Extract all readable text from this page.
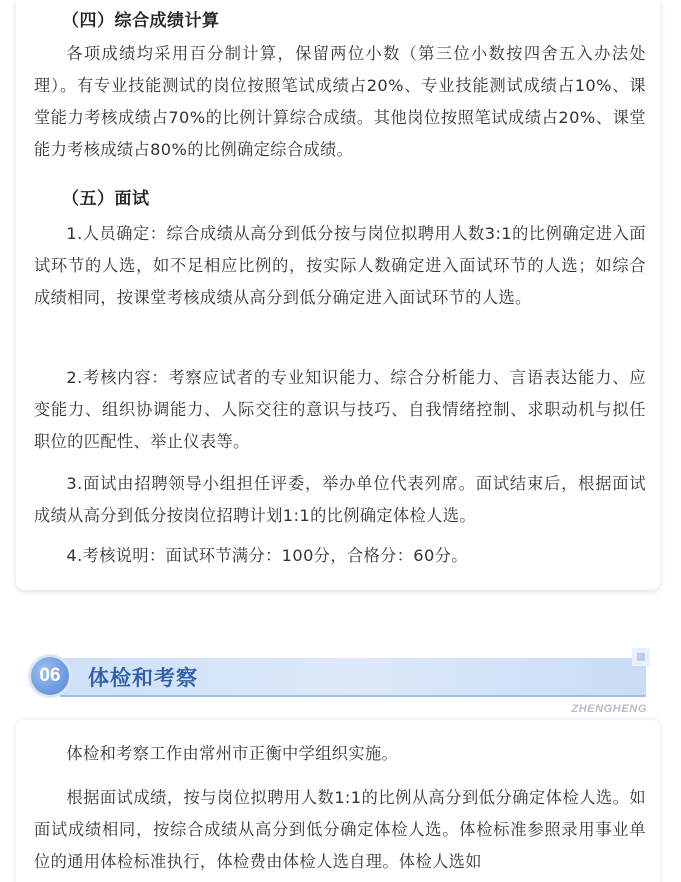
（四）综合成绩计算

各项成绩均采用百分制计算，保留两位小数（第三位小数按四舍五入办法处理）。有专业技能测试的岗位按照笔试成绩占20%、专业技能测试成绩占10%、课堂能力考核成绩占70%的比例计算综合成绩。其他岗位按照笔试成绩占20%、课堂能力考核成绩占80%的比例确定综合成绩。

（五）面试

1.人员确定：综合成绩从高分到低分按与岗位拟聘用人数3:1的比例确定进入面试环节的人选，如不足相应比例的，按实际人数确定进入面试环节的人选；如综合成绩相同，按课堂考核成绩从高分到低分确定进入面试环节的人选。

2.考核内容：考察应试者的专业知识能力、综合分析能力、言语表达能力、应变能力、组织协调能力、人际交往的意识与技巧、自我情绪控制、求职动机与拟任职位的匹配性、举止仪表等。

3.面试由招聘领导小组担任评委，举办单位代表列席。面试结束后，根据面试成绩从高分到低分按岗位招聘计划1:1的比例确定体检人选。

4.考核说明：面试环节满分：100分，合格分：60分。

06	体检和考察
ZHENGHENG

体检和考察工作由常州市正衡中学组织实施。

根据面试成绩，按与岗位拟聘用人数1:1的比例从高分到低分确定体检人选。如面试成绩相同，按综合成绩从高分到低分确定体检人选。体检标准参照录用事业单位的通用体检标准执行，体检费由体检人选自理。体检人选如
